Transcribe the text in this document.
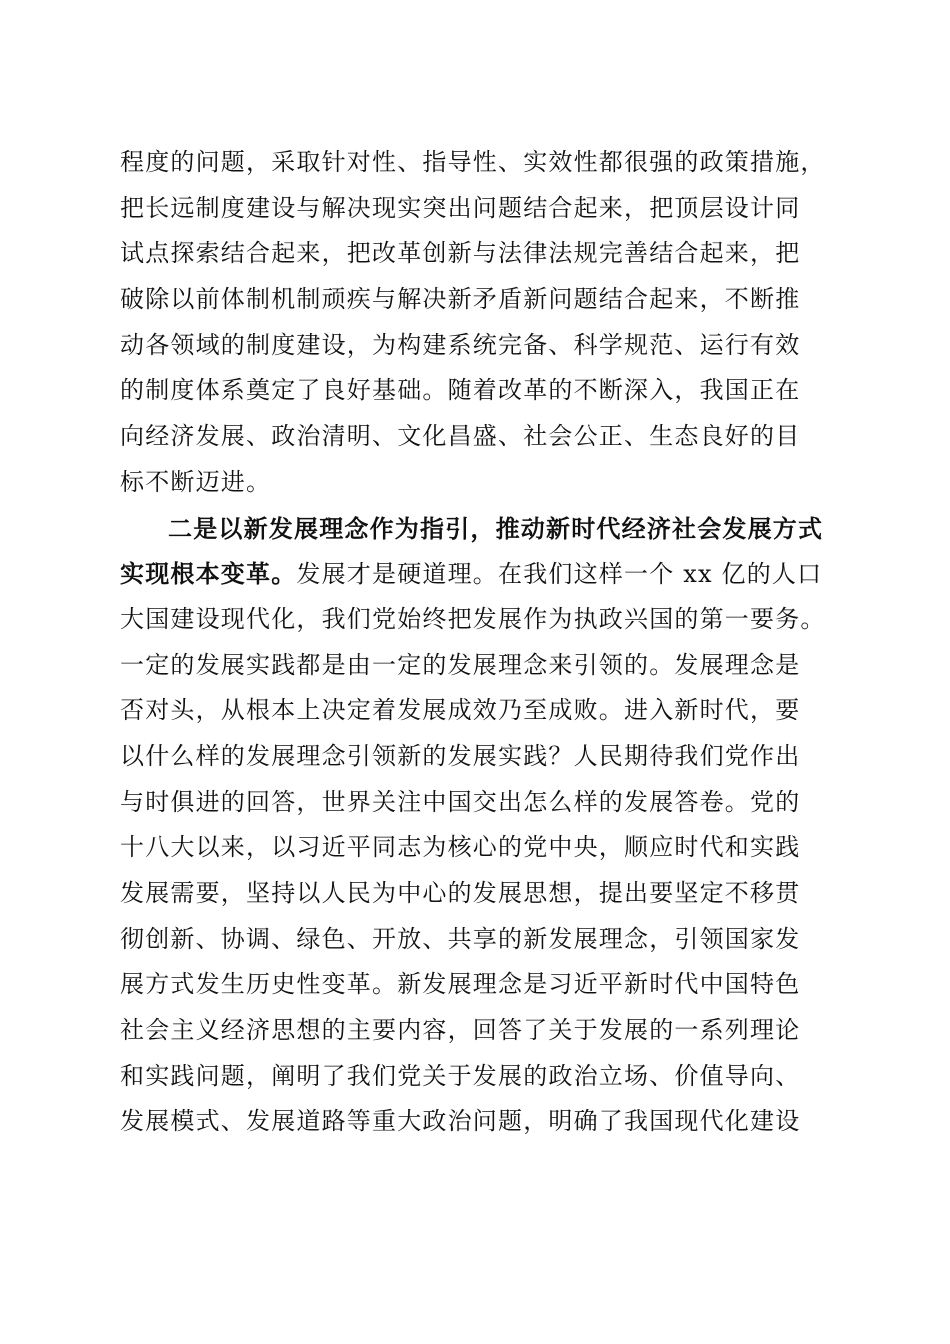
程度的问题，采取针对性、指导性、实效性都很强的政策措施，
把长远制度建设与解决现实突出问题结合起来，把顶层设计同
试点探索结合起来，把改革创新与法律法规完善结合起来，把
破除以前体制机制顽疾与解决新矛盾新问题结合起来，不断推
动各领域的制度建设，为构建系统完备、科学规范、运行有效
的制度体系奠定了良好基础。随着改革的不断深入，我国正在
向经济发展、政治清明、文化昌盛、社会公正、生态良好的目
标不断迈进。
二是以新发展理念作为指引，推动新时代经济社会发展方式
实现根本变革。发展才是硬道理。在我们这样一个 xx 亿的人口
大国建设现代化，我们党始终把发展作为执政兴国的第一要务。
一定的发展实践都是由一定的发展理念来引领的。发展理念是
否对头，从根本上决定着发展成效乃至成败。进入新时代，要
以什么样的发展理念引领新的发展实践？人民期待我们党作出
与时俱进的回答，世界关注中国交出怎么样的发展答卷。党的
十八大以来，以习近平同志为核心的党中央，顺应时代和实践
发展需要，坚持以人民为中心的发展思想，提出要坚定不移贯
彻创新、协调、绿色、开放、共享的新发展理念，引领国家发
展方式发生历史性变革。新发展理念是习近平新时代中国特色
社会主义经济思想的主要内容，回答了关于发展的一系列理论
和实践问题，阐明了我们党关于发展的政治立场、价值导向、
发展模式、发展道路等重大政治问题，明确了我国现代化建设
